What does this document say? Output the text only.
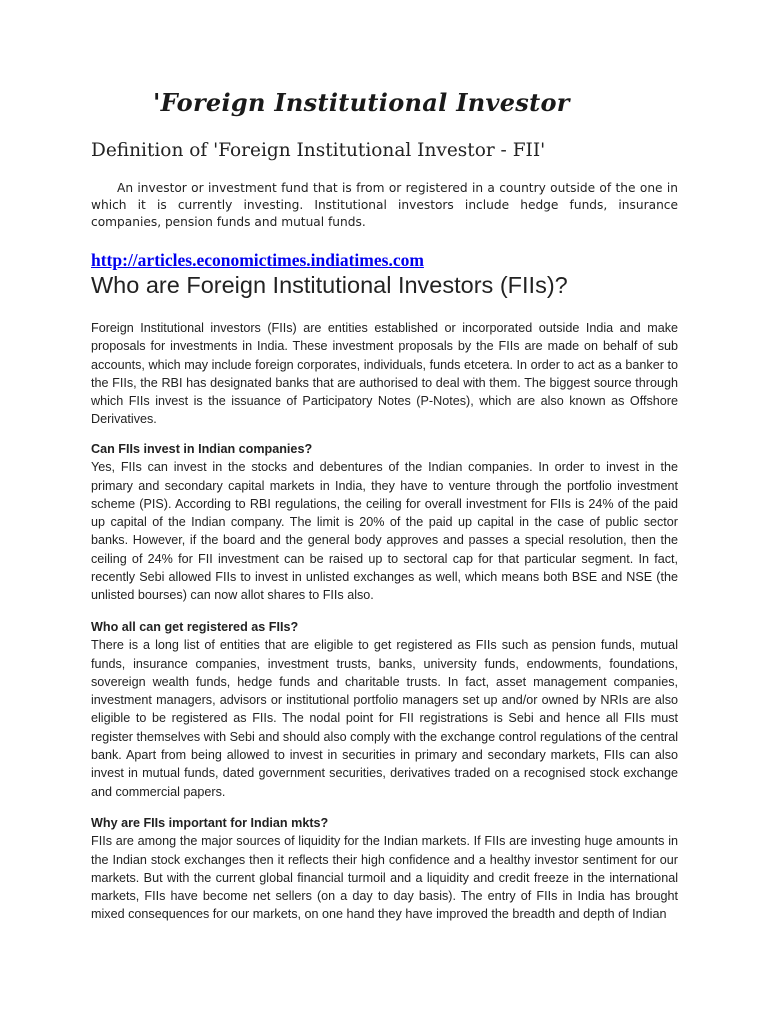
'Foreign Institutional Investor
Definition of 'Foreign Institutional Investor - FII'

An investor or investment fund that is from or registered in a country outside of the one in which it is currently investing. Institutional investors include hedge funds, insurance companies, pension funds and mutual funds.

http://articles.economictimes.indiatimes.com
Who are Foreign Institutional Investors (FIIs)?

Foreign Institutional investors (FIIs) are entities established or incorporated outside India and make proposals for investments in India. These investment proposals by the FIIs are made on behalf of sub accounts, which may include foreign corporates, individuals, funds etcetera. In order to act as a banker to the FIIs, the RBI has designated banks that are authorised to deal with them. The biggest source through which FIIs invest is the issuance of Participatory Notes (P-Notes), which are also known as Offshore Derivatives.

Can FIIs invest in Indian companies?

Yes, FIIs can invest in the stocks and debentures of the Indian companies. In order to invest in the primary and secondary capital markets in India, they have to venture through the portfolio investment scheme (PIS). According to RBI regulations, the ceiling for overall investment for FIIs is 24% of the paid up capital of the Indian company. The limit is 20% of the paid up capital in the case of public sector banks. However, if the board and the general body approves and passes a special resolution, then the ceiling of 24% for FII investment can be raised up to sectoral cap for that particular segment. In fact, recently Sebi allowed FIIs to invest in unlisted exchanges as well, which means both BSE and NSE (the unlisted bourses) can now allot shares to FIIs also.

Who all can get registered as FIIs?

There is a long list of entities that are eligible to get registered as FIIs such as pension funds, mutual funds, insurance companies, investment trusts, banks, university funds, endowments, foundations, sovereign wealth funds, hedge funds and charitable trusts. In fact, asset management companies, investment managers, advisors or institutional portfolio managers set up and/or owned by NRIs are also eligible to be registered as FIIs. The nodal point for FII registrations is Sebi and hence all FIIs must register themselves with Sebi and should also comply with the exchange control regulations of the central bank. Apart from being allowed to invest in securities in primary and secondary markets, FIIs can also invest in mutual funds, dated government securities, derivatives traded on a recognised stock exchange and commercial papers.

Why are FIIs important for Indian mkts?

FIIs are among the major sources of liquidity for the Indian markets. If FIIs are investing huge amounts in the Indian stock exchanges then it reflects their high confidence and a healthy investor sentiment for our markets. But with the current global financial turmoil and a liquidity and credit freeze in the international markets, FIIs have become net sellers (on a day to day basis). The entry of FIIs in India has brought mixed consequences for our markets, on one hand they have improved the breadth and depth of Indian
